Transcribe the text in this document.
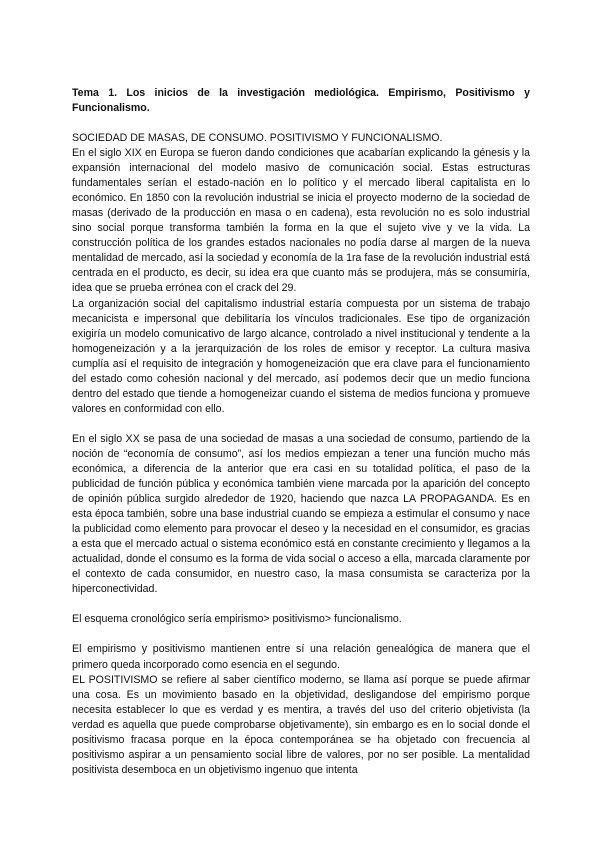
Tema 1. Los inicios de la investigación mediológica. Empirismo, Positivismo y Funcionalismo.

SOCIEDAD DE MASAS, DE CONSUMO. POSITIVISMO Y FUNCIONALISMO.

En el siglo XIX en Europa se fueron dando condiciones que acabarían explicando la génesis y la expansión internacional del modelo masivo de comunicación social. Estas estructuras fundamentales serían el estado-nación en lo político y el mercado liberal capitalista en lo económico. En 1850 con la revolución industrial se inicia el proyecto moderno de la sociedad de masas (derivado de la producción en masa o en cadena), esta revolución no es solo industrial sino social porque transforma también la forma en la que el sujeto vive y ve la vida. La construcción política de los grandes estados nacionales no podía darse al margen de la nueva mentalidad de mercado, así la sociedad y economía de la 1ra fase de la revolución industrial está centrada en el producto, es decir, su idea era que cuanto más se produjera, más se consumiría, idea que se prueba errónea con el crack del 29.

La organización social del capitalismo industrial estaría compuesta por un sistema de trabajo mecanicista e impersonal que debilitaría los vínculos tradicionales. Ese tipo de organización exigiría un modelo comunicativo de largo alcance, controlado a nivel institucional y tendente a la homogeneización y a la jerarquización de los roles de emisor y receptor. La cultura masiva cumplía así el requisito de integración y homogeneización que era clave para el funcionamiento del estado como cohesión nacional y del mercado, así podemos decir que un medio funciona dentro del estado que tiende a homogeneizar cuando el sistema de medios funciona y promueve valores en conformidad con ello.

En el siglo XX se pasa de una sociedad de masas a una sociedad de consumo, partiendo de la noción de “economía de consumo”, así los medios empiezan a tener una función mucho más económica, a diferencia de la anterior que era casi en su totalidad política, el paso de la publicidad de función pública y económica también viene marcada por la aparición del concepto de opinión pública surgido alrededor de 1920, haciendo que nazca LA PROPAGANDA. Es en esta época también, sobre una base industrial cuando se empieza a estimular el consumo y nace la publicidad como elemento para provocar el deseo y la necesidad en el consumidor, es gracias a esta que el mercado actual o sistema económico está en constante crecimiento y llegamos a la actualidad, donde el consumo es la forma de vida social o acceso a ella, marcada claramente por el contexto de cada consumidor, en nuestro caso, la masa consumista se caracteriza por la hiperconectividad.

El esquema cronológico sería empirismo> positivismo> funcionalismo.

El empirismo y positivismo mantienen entre sí una relación genealógica de manera que el primero queda incorporado como esencia en el segundo.

EL POSITIVISMO se refiere al saber científico moderno, se llama así porque se puede afirmar una cosa. Es un movimiento basado en la objetividad, desligandose del empirismo porque necesita establecer lo que es verdad y es mentira, a través del uso del criterio objetivista (la verdad es aquella que puede comprobarse objetivamente), sin embargo es en lo social donde el positivismo fracasa porque en la época contemporánea se ha objetado con frecuencia al positivismo aspirar a un pensamiento social libre de valores, por no ser posible. La mentalidad positivista desemboca en un objetivismo ingenuo que intenta
